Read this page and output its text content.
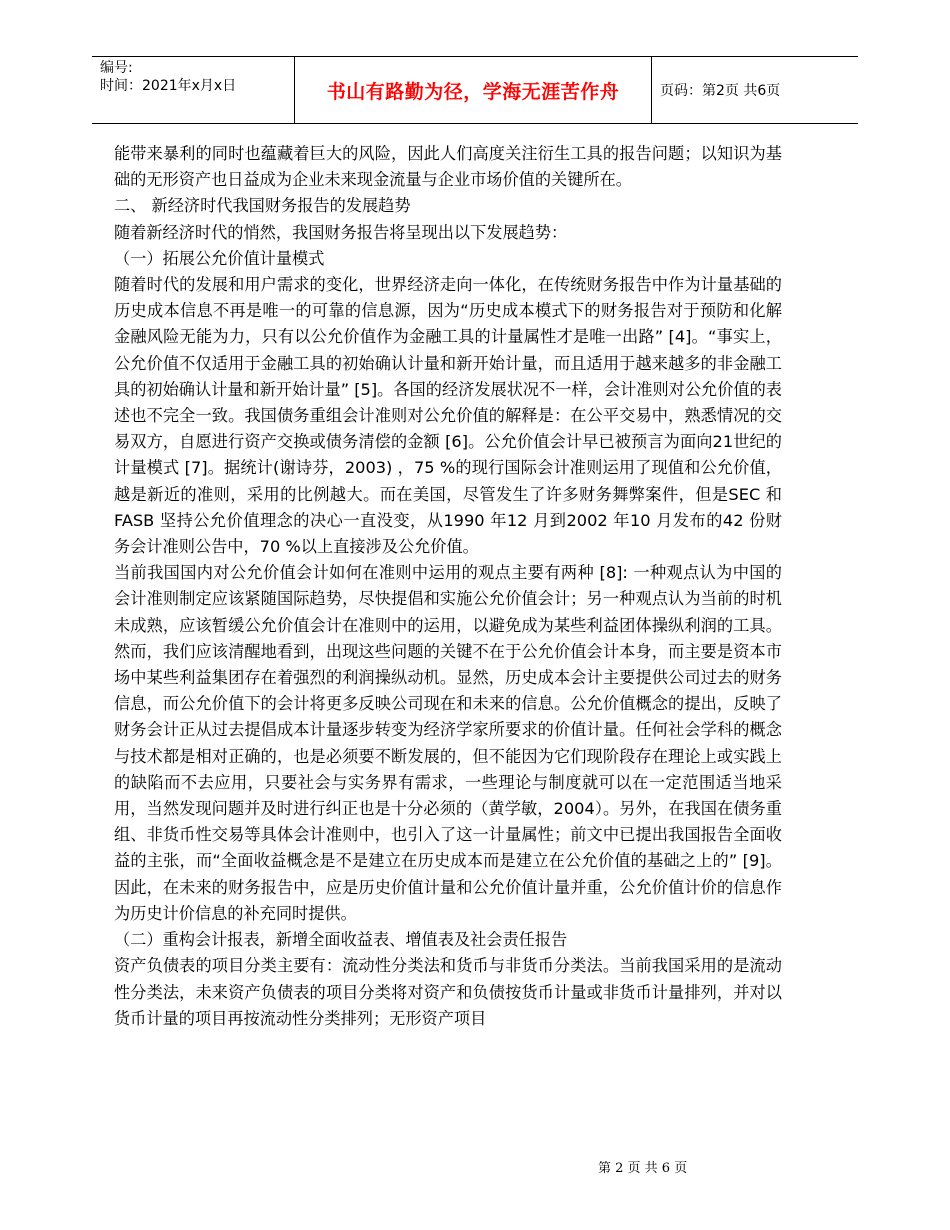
编号:
时间：2021年x月x日	书山有路勤为径，学海无涯苦作舟	页码：第2页 共6页

能带来暴利的同时也蕴藏着巨大的风险，因此人们高度关注衍生工具的报告问题；以知识为基础的无形资产也日益成为企业未来现金流量与企业市场价值的关键所在。

二、 新经济时代我国财务报告的发展趋势

随着新经济时代的悄然，我国财务报告将呈现出以下发展趋势：

（一）拓展公允价值计量模式

随着时代的发展和用户需求的变化，世界经济走向一体化，在传统财务报告中作为计量基础的历史成本信息不再是唯一的可靠的信息源，因为“历史成本模式下的财务报告对于预防和化解金融风险无能为力，只有以公允价值作为金融工具的计量属性才是唯一出路” [4]。“事实上，公允价值不仅适用于金融工具的初始确认计量和新开始计量，而且适用于越来越多的非金融工具的初始确认计量和新开始计量” [5]。各国的经济发展状况不一样，会计准则对公允价值的表述也不完全一致。我国债务重组会计准则对公允价值的解释是：在公平交易中，熟悉情况的交易双方，自愿进行资产交换或债务清偿的金额 [6]。公允价值会计早已被预言为面向21世纪的计量模式 [7]。据统计(谢诗芬，2003) ，75 %的现行国际会计准则运用了现值和公允价值，越是新近的准则，采用的比例越大。而在美国，尽管发生了许多财务舞弊案件，但是SEC 和FASB 坚持公允价值理念的决心一直没变，从1990 年12 月到2002 年10 月发布的42 份财务会计准则公告中，70 %以上直接涉及公允价值。

当前我国国内对公允价值会计如何在准则中运用的观点主要有两种 [8]: 一种观点认为中国的会计准则制定应该紧随国际趋势，尽快提倡和实施公允价值会计；另一种观点认为当前的时机未成熟，应该暂缓公允价值会计在准则中的运用，以避免成为某些利益团体操纵利润的工具。然而，我们应该清醒地看到，出现这些问题的关键不在于公允价值会计本身，而主要是资本市场中某些利益集团存在着强烈的利润操纵动机。显然，历史成本会计主要提供公司过去的财务信息，而公允价值下的会计将更多反映公司现在和未来的信息。公允价值概念的提出，反映了财务会计正从过去提倡成本计量逐步转变为经济学家所要求的价值计量。任何社会学科的概念与技术都是相对正确的，也是必须要不断发展的，但不能因为它们现阶段存在理论上或实践上的缺陷而不去应用，只要社会与实务界有需求，一些理论与制度就可以在一定范围适当地采用，当然发现问题并及时进行纠正也是十分必须的（黄学敏，2004）。另外，在我国在债务重组、非货币性交易等具体会计准则中，也引入了这一计量属性；前文中已提出我国报告全面收益的主张，而“全面收益概念是不是建立在历史成本而是建立在公允价值的基础之上的” [9]。因此，在未来的财务报告中，应是历史价值计量和公允价值计量并重，公允价值计价的信息作为历史计价信息的补充同时提供。

（二）重构会计报表，新增全面收益表、增值表及社会责任报告

资产负债表的项目分类主要有：流动性分类法和货币与非货币分类法。当前我国采用的是流动性分类法，未来资产负债表的项目分类将对资产和负债按货币计量或非货币计量排列，并对以货币计量的项目再按流动性分类排列；无形资产项目

第 2 页 共 6 页
